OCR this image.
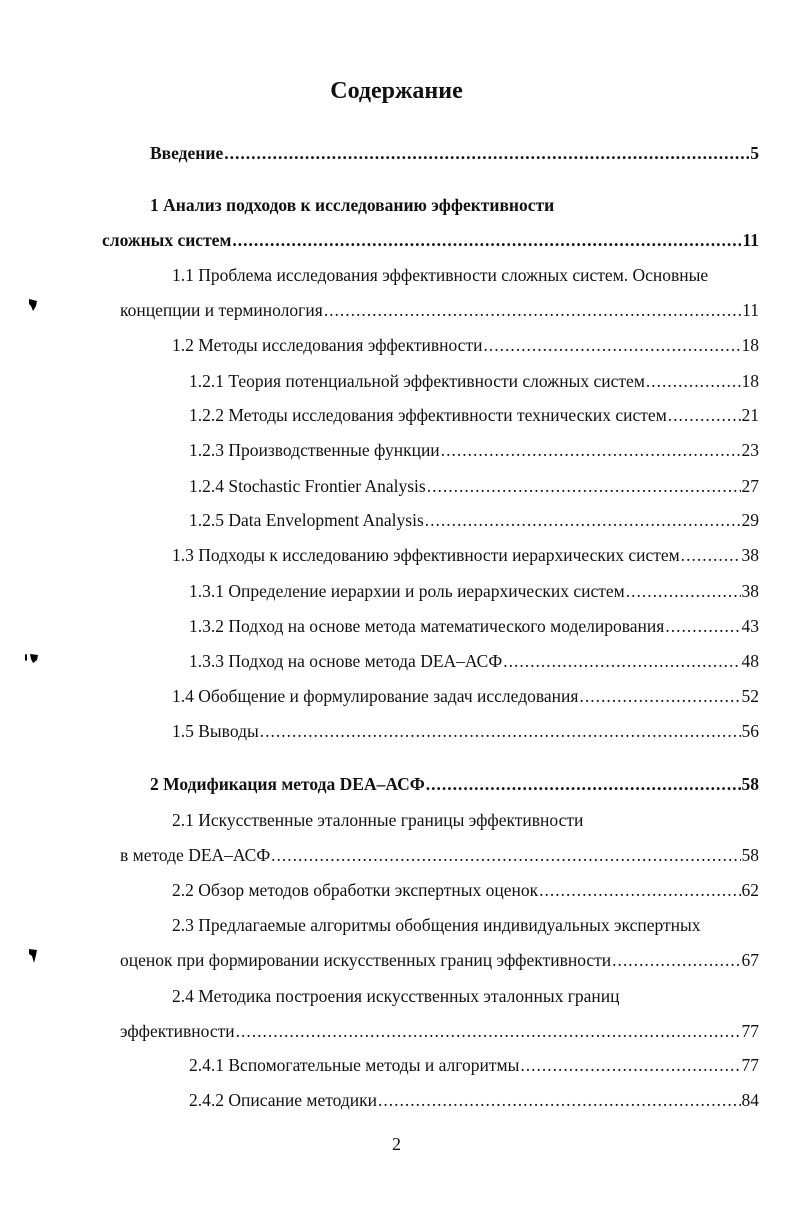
Содержание
Введение .....	5
1 Анализ подходов к исследованию эффективности
сложных систем .....	11
1.1 Проблема исследования эффективности сложных систем. Основные
концепции и терминология .....	11
1.2 Методы исследования эффективности .....	18
1.2.1 Теория потенциальной эффективности сложных систем .....	18
1.2.2 Методы исследования эффективности технических систем .....	21
1.2.3 Производственные функции .....	23
1.2.4 Stochastic Frontier Analysis .....	27
1.2.5 Data Envelopment Analysis .....	29
1.3 Подходы к исследованию эффективности иерархических систем .....	38
1.3.1 Определение иерархии и роль иерархических систем .....	38
1.3.2 Подход на основе метода математического моделирования .....	43
1.3.3 Подход на основе метода DEA–АСФ .....	48
1.4 Обобщение и формулирование задач исследования .....	52
1.5 Выводы .....	56
2 Модификация метода DEA–АСФ .....	58
2.1 Искусственные эталонные границы эффективности
в методе DEA–АСФ .....	58
2.2 Обзор методов обработки экспертных оценок .....	62
2.3 Предлагаемые алгоритмы обобщения индивидуальных экспертных
оценок при формировании искусственных границ эффективности .....	67
2.4 Методика построения искусственных эталонных границ
эффективности .....	77
2.4.1 Вспомогательные методы и алгоритмы .....	77
2.4.2 Описание методики .....	84
2
